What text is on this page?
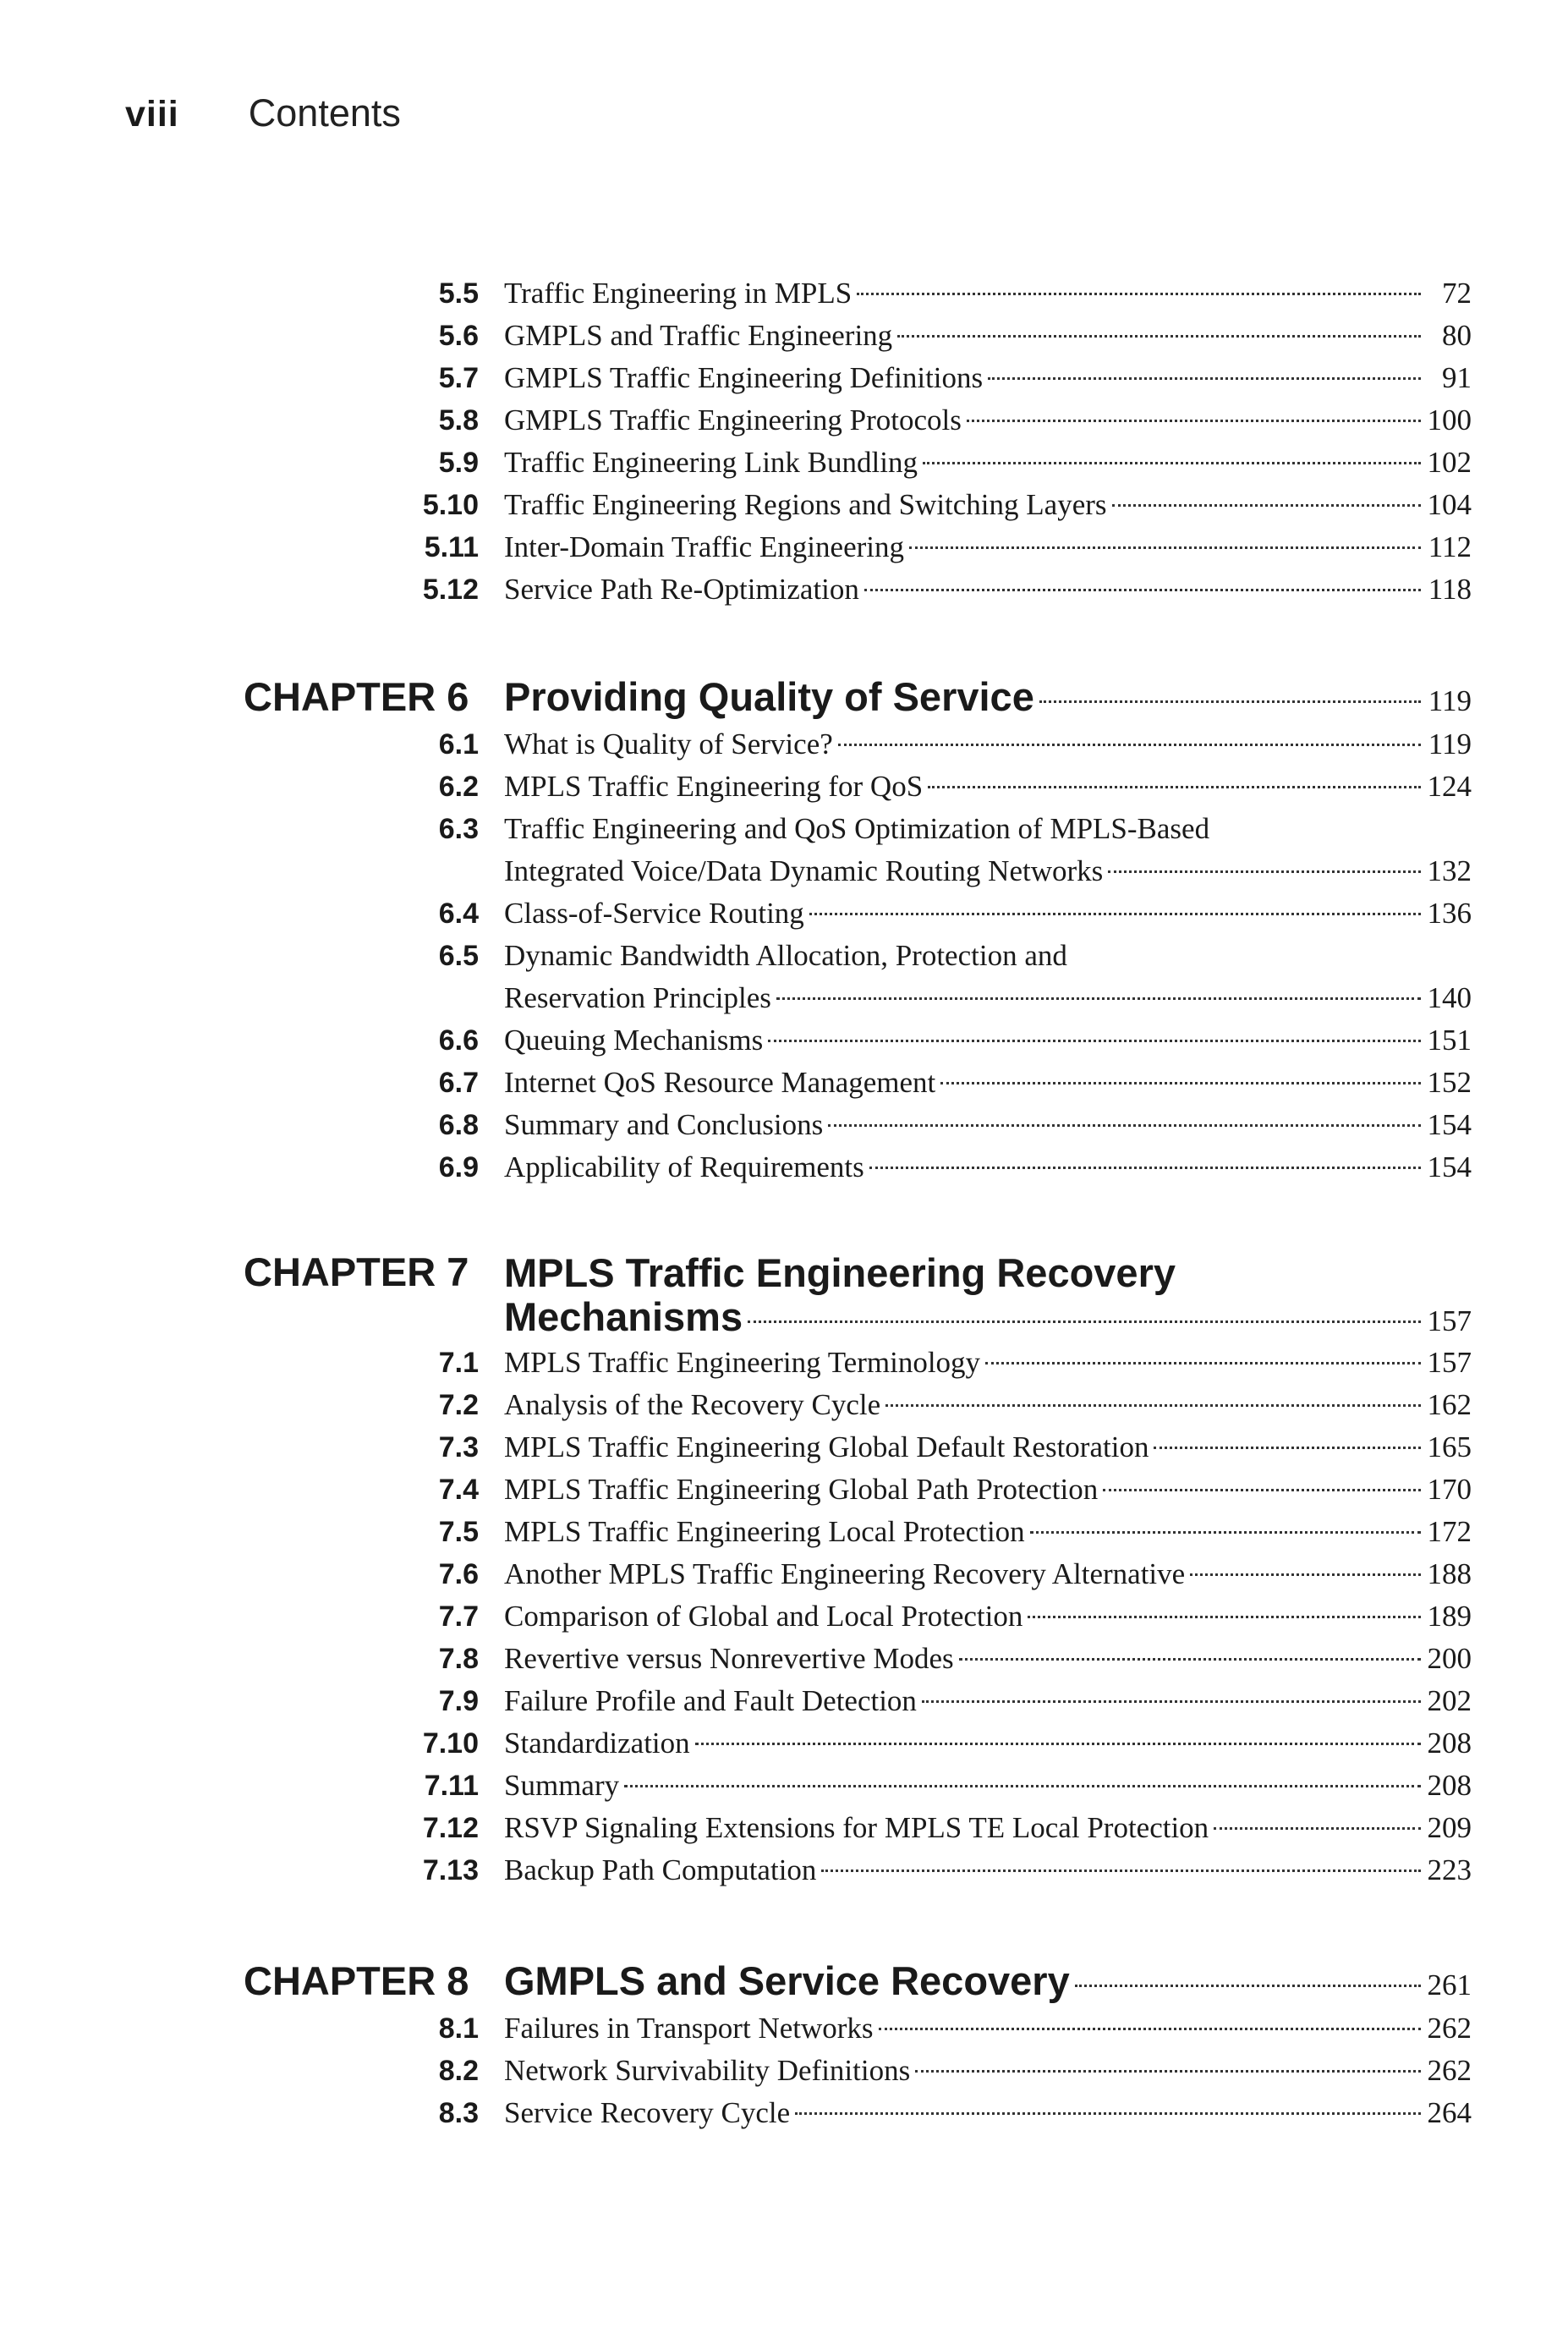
viii Contents
5.5 Traffic Engineering in MPLS	72
5.6 GMPLS and Traffic Engineering	80
5.7 GMPLS Traffic Engineering Definitions	91
5.8 GMPLS Traffic Engineering Protocols	100
5.9 Traffic Engineering Link Bundling	102
5.10 Traffic Engineering Regions and Switching Layers	104
5.11 Inter-Domain Traffic Engineering	112
5.12 Service Path Re-Optimization	118
CHAPTER 6 Providing Quality of Service	119
6.1 What is Quality of Service?	119
6.2 MPLS Traffic Engineering for QoS	124
6.3 Traffic Engineering and QoS Optimization of MPLS-Based
Integrated Voice/Data Dynamic Routing Networks	132
6.4 Class-of-Service Routing	136
6.5 Dynamic Bandwidth Allocation, Protection and
Reservation Principles	140
6.6 Queuing Mechanisms	151
6.7 Internet QoS Resource Management	152
6.8 Summary and Conclusions	154
6.9 Applicability of Requirements	154
CHAPTER 7 MPLS Traffic Engineering Recovery
Mechanisms	157
7.1 MPLS Traffic Engineering Terminology	157
7.2 Analysis of the Recovery Cycle	162
7.3 MPLS Traffic Engineering Global Default Restoration	165
7.4 MPLS Traffic Engineering Global Path Protection	170
7.5 MPLS Traffic Engineering Local Protection	172
7.6 Another MPLS Traffic Engineering Recovery Alternative	188
7.7 Comparison of Global and Local Protection	189
7.8 Revertive versus Nonrevertive Modes	200
7.9 Failure Profile and Fault Detection	202
7.10 Standardization	208
7.11 Summary	208
7.12 RSVP Signaling Extensions for MPLS TE Local Protection	209
7.13 Backup Path Computation	223
CHAPTER 8 GMPLS and Service Recovery	261
8.1 Failures in Transport Networks	262
8.2 Network Survivability Definitions	262
8.3 Service Recovery Cycle	264
